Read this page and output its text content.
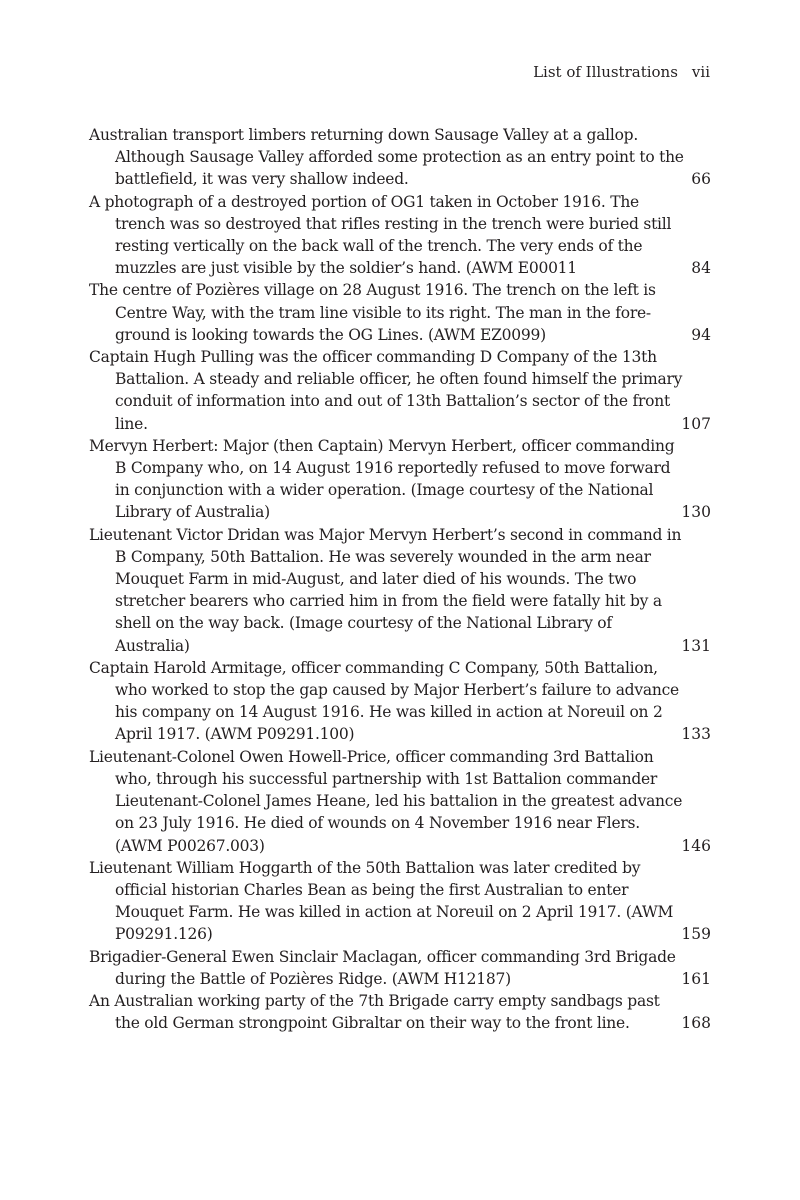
List of Illustrations vii
Australian transport limbers returning down Sausage Valley at a gallop. Although Sausage Valley afforded some protection as an entry point to the battlefield, it was very shallow indeed.	66
A photograph of a destroyed portion of OG1 taken in October 1916. The trench was so destroyed that rifles resting in the trench were buried still resting vertically on the back wall of the trench. The very ends of the muzzles are just visible by the soldier’s hand. (AWM E00011	84
The centre of Pozières village on 28 August 1916. The trench on the left is Centre Way, with the tram line visible to its right. The man in the foreground is looking towards the OG Lines. (AWM EZ0099)	94
Captain Hugh Pulling was the officer commanding D Company of the 13th Battalion. A steady and reliable officer, he often found himself the primary conduit of information into and out of 13th Battalion’s sector of the front line.	107
Mervyn Herbert: Major (then Captain) Mervyn Herbert, officer commanding B Company who, on 14 August 1916 reportedly refused to move forward in conjunction with a wider operation. (Image courtesy of the National Library of Australia)	130
Lieutenant Victor Dridan was Major Mervyn Herbert’s second in command in B Company, 50th Battalion. He was severely wounded in the arm near Mouquet Farm in mid-August, and later died of his wounds. The two stretcher bearers who carried him in from the field were fatally hit by a shell on the way back. (Image courtesy of the National Library of Australia)	131
Captain Harold Armitage, officer commanding C Company, 50th Battalion, who worked to stop the gap caused by Major Herbert’s failure to advance his company on 14 August 1916. He was killed in action at Noreuil on 2 April 1917. (AWM P09291.100)	133
Lieutenant-Colonel Owen Howell-Price, officer commanding 3rd Battalion who, through his successful partnership with 1st Battalion commander Lieutenant-Colonel James Heane, led his battalion in the greatest advance on 23 July 1916. He died of wounds on 4 November 1916 near Flers. (AWM P00267.003)	146
Lieutenant William Hoggarth of the 50th Battalion was later credited by official historian Charles Bean as being the first Australian to enter Mouquet Farm. He was killed in action at Noreuil on 2 April 1917. (AWM P09291.126)	159
Brigadier-General Ewen Sinclair Maclagan, officer commanding 3rd Brigade during the Battle of Pozières Ridge. (AWM H12187)	161
An Australian working party of the 7th Brigade carry empty sandbags past the old German strongpoint Gibraltar on their way to the front line.	168
